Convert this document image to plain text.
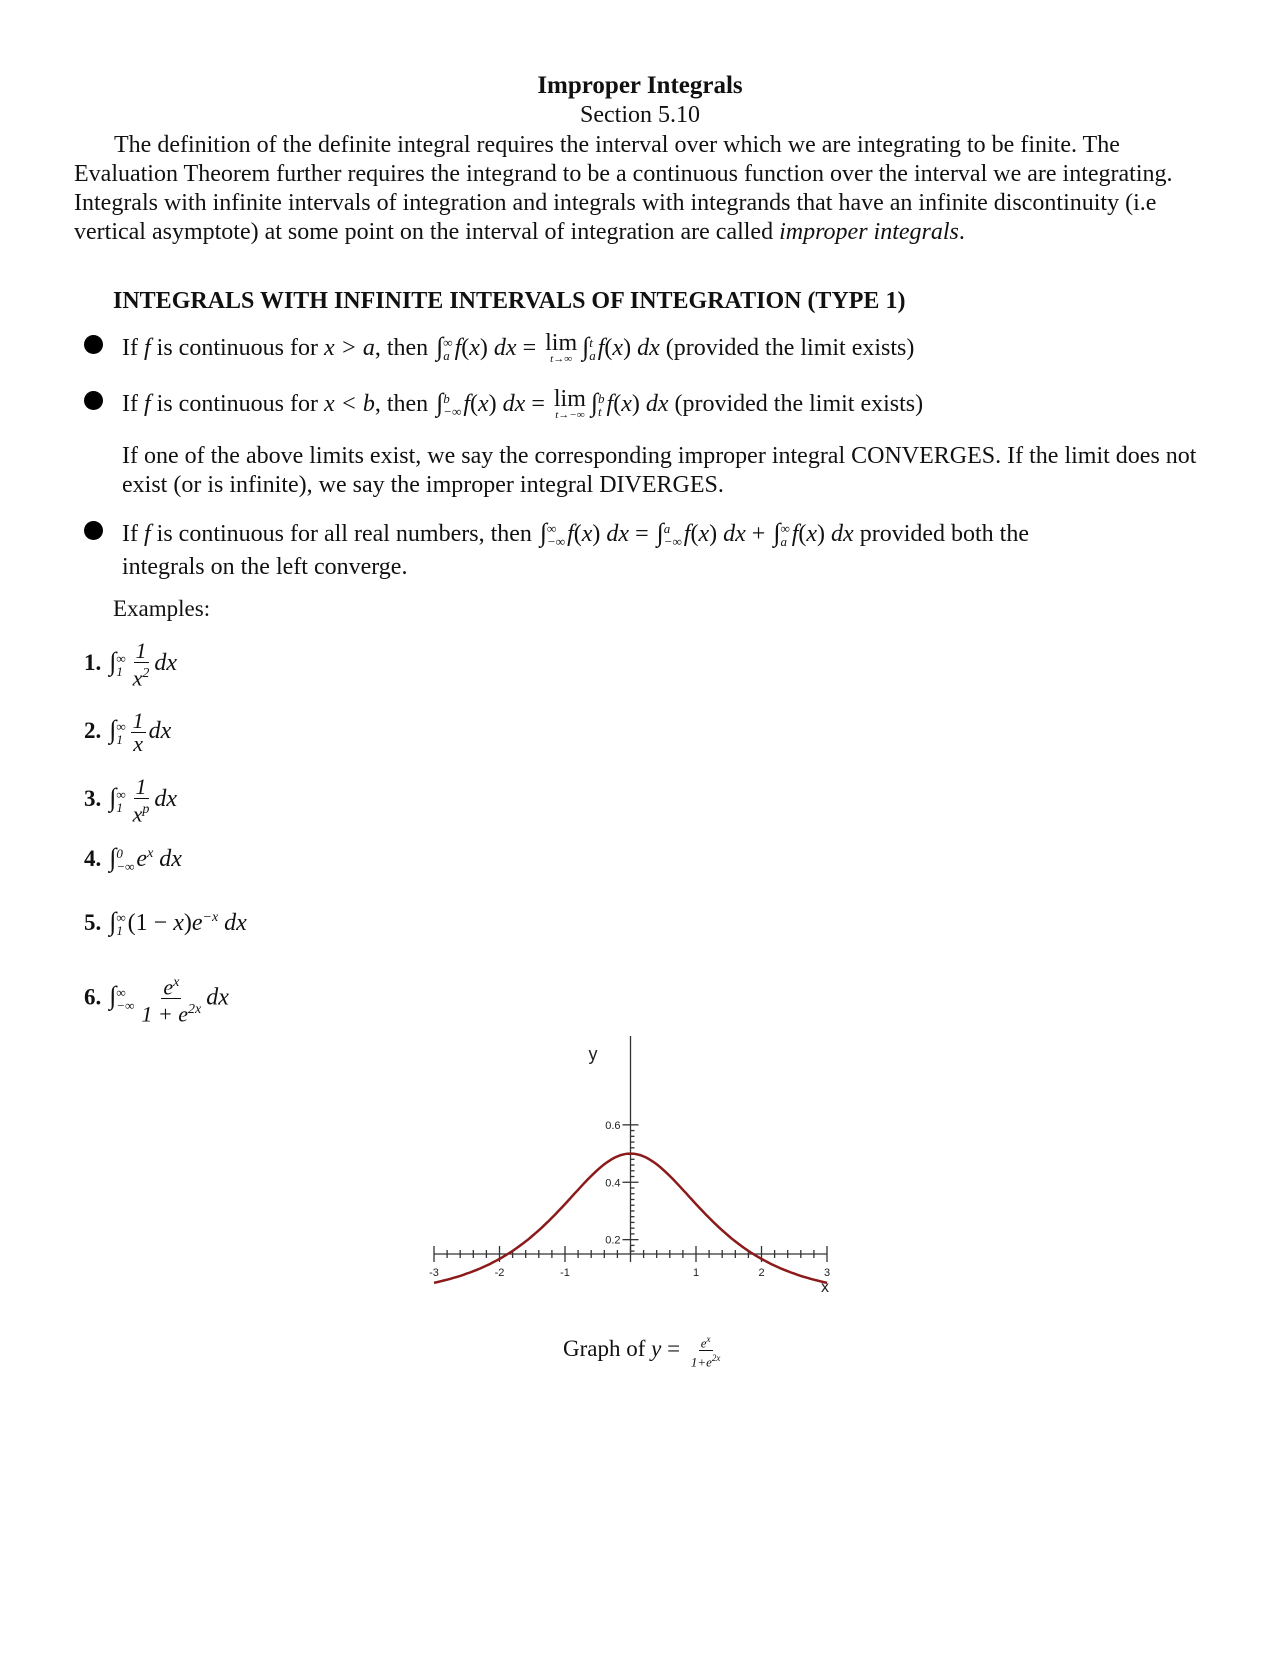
Improper Integrals
Section 5.10
The definition of the definite integral requires the interval over which we are integrating to be finite. The Evaluation Theorem further requires the integrand to be a continuous function over the interval we are integrating. Integrals with infinite intervals of integration and integrals with integrands that have an infinite discontinuity (i.e vertical asymptote) at some point on the interval of integration are called improper integrals.
INTEGRALS WITH INFINITE INTERVALS OF INTEGRATION (TYPE 1)
If f is continuous for x > a, then ∫ ∞
a f(x) dx = lim
t→∞ ∫ t
a f(x) dx (provided the limit exists)
If f is continuous for x < b, then ∫ b
−∞ f(x) dx = lim
t→−∞ ∫ b
t f(x) dx (provided the limit exists)
If one of the above limits exist, we say the corresponding improper integral CONVERGES. If the limit does not exist (or is infinite), we say the improper integral DIVERGES.
If f is continuous for all real numbers, then ∫ ∞
−∞ f(x) dx = ∫ a
−∞ f(x) dx + ∫ ∞
a f(x) dx provided both the
integrals on the left converge.
Examples:
1. ∫ ∞
$1 \frac{1}{x^2}$ dx
2. ∫ ∞
$1 \frac{1}{x}$ dx
3. ∫ ∞
$1 \frac{1}{x^p}$ dx
4. ∫ 0
−∞ $e^x$ dx
5. ∫ ∞
1 $(1 - x)e^{-x}$ dx
6. ∫ ∞
−∞ $\frac{e^x}{1 + e^{2x}}$ dx
-3	-2	-1	1	2	3
0.2
0.4
0.6
x
y
Graph of $y = \frac{e^x}{1+e^{2x}}$
